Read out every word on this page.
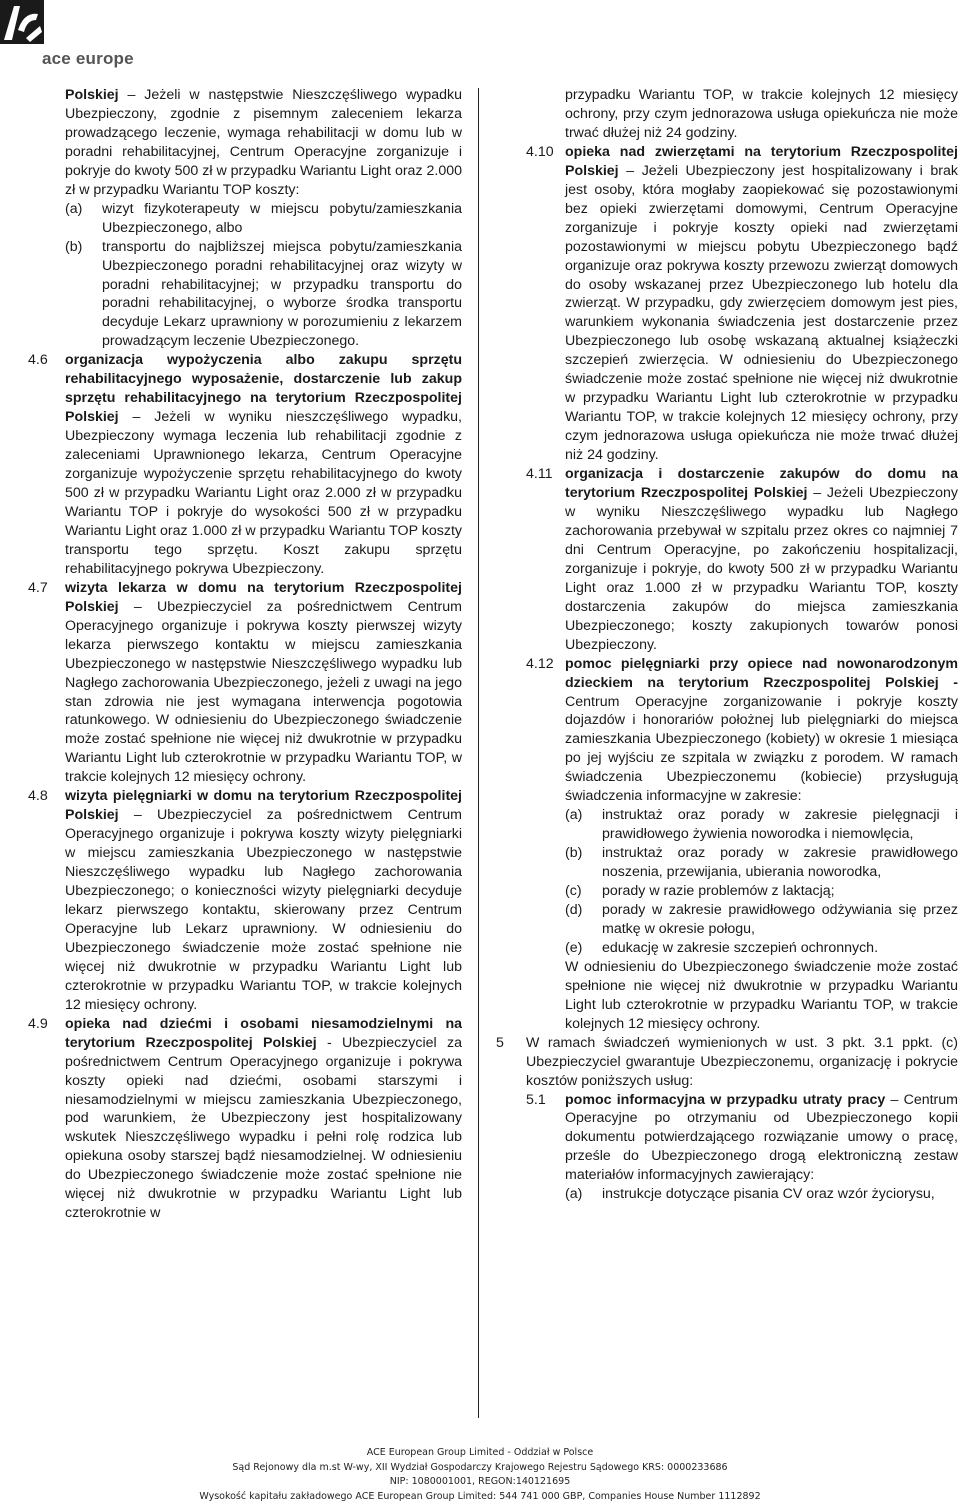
ace europe

Polskiej – Jeżeli w następstwie Nieszczęśliwego wypadku Ubezpieczony, zgodnie z pisemnym zaleceniem lekarza prowadzącego leczenie, wymaga rehabilitacji w domu lub w poradni rehabilitacyjnej, Centrum Operacyjne zorganizuje i pokryje do kwoty 500 zł w przypadku Wariantu Light oraz 2.000 zł w przypadku Wariantu TOP koszty:

(a) wizyt fizykoterapeuty w miejscu pobytu/zamieszkania Ubezpieczonego, albo
(b) transportu do najbliższej miejsca pobytu/zamieszkania Ubezpieczonego poradni rehabilitacyjnej oraz wizyty w poradni rehabilitacyjnej; w przypadku transportu do poradni rehabilitacyjnej, o wyborze środka transportu decyduje Lekarz uprawniony w porozumieniu z lekarzem prowadzącym leczenie Ubezpieczonego.
4.6 organizacja wypożyczenia albo zakupu sprzętu rehabilitacyjnego wyposażenie, dostarczenie lub zakup sprzętu rehabilitacyjnego na terytorium Rzeczpospolitej Polskiej – Jeżeli w wyniku nieszczęśliwego wypadku, Ubezpieczony wymaga leczenia lub rehabilitacji zgodnie z zaleceniami Uprawnionego lekarza, Centrum Operacyjne zorganizuje wypożyczenie sprzętu rehabilitacyjnego do kwoty 500 zł w przypadku Wariantu Light oraz 2.000 zł w przypadku Wariantu TOP i pokryje do wysokości 500 zł w przypadku Wariantu Light oraz 1.000 zł w przypadku Wariantu TOP koszty transportu tego sprzętu. Koszt zakupu sprzętu rehabilitacyjnego pokrywa Ubezpieczony.

4.7 wizyta lekarza w domu na terytorium Rzeczpospolitej Polskiej – Ubezpieczyciel za pośrednictwem Centrum Operacyjnego organizuje i pokrywa koszty pierwszej wizyty lekarza pierwszego kontaktu w miejscu zamieszkania Ubezpieczonego w następstwie Nieszczęśliwego wypadku lub Nagłego zachorowania Ubezpieczonego, jeżeli z uwagi na jego stan zdrowia nie jest wymagana interwencja pogotowia ratunkowego. W odniesieniu do Ubezpieczonego świadczenie może zostać spełnione nie więcej niż dwukrotnie w przypadku Wariantu Light lub czterokrotnie w przypadku Wariantu TOP, w trakcie kolejnych 12 miesięcy ochrony.

4.8 wizyta pielęgniarki w domu na terytorium Rzeczpospolitej Polskiej – Ubezpieczyciel za pośrednictwem Centrum Operacyjnego organizuje i pokrywa koszty wizyty pielęgniarki w miejscu zamieszkania Ubezpieczonego w następstwie Nieszczęśliwego wypadku lub Nagłego zachorowania Ubezpieczonego; o konieczności wizyty pielęgniarki decyduje lekarz pierwszego kontaktu, skierowany przez Centrum Operacyjne lub Lekarz uprawniony. W odniesieniu do Ubezpieczonego świadczenie może zostać spełnione nie więcej niż dwukrotnie w przypadku Wariantu Light lub czterokrotnie w przypadku Wariantu TOP, w trakcie kolejnych 12 miesięcy ochrony.

4.9 opieka nad dziećmi i osobami niesamodzielnymi na terytorium Rzeczpospolitej Polskiej - Ubezpieczyciel za pośrednictwem Centrum Operacyjnego organizuje i pokrywa koszty opieki nad dziećmi, osobami starszymi i niesamodzielnymi w miejscu zamieszkania Ubezpieczonego, pod warunkiem, że Ubezpieczony jest hospitalizowany wskutek Nieszczęśliwego wypadku i pełni rolę rodzica lub opiekuna osoby starszej bądź niesamodzielnej. W odniesieniu do Ubezpieczonego świadczenie może zostać spełnione nie więcej niż dwukrotnie w przypadku Wariantu Light lub czterokrotnie w

przypadku Wariantu TOP, w trakcie kolejnych 12 miesięcy ochrony, przy czym jednorazowa usługa opiekuńcza nie może trwać dłużej niż 24 godziny.

4.10 opieka nad zwierzętami na terytorium Rzeczpospolitej Polskiej – Jeżeli Ubezpieczony jest hospitalizowany i brak jest osoby, która mogłaby zaopiekować się pozostawionymi bez opieki zwierzętami domowymi, Centrum Operacyjne zorganizuje i pokryje koszty opieki nad zwierzętami pozostawionymi w miejscu pobytu Ubezpieczonego bądź organizuje oraz pokrywa koszty przewozu zwierząt domowych do osoby wskazanej przez Ubezpieczonego lub hotelu dla zwierząt. W przypadku, gdy zwierzęciem domowym jest pies, warunkiem wykonania świadczenia jest dostarczenie przez Ubezpieczonego lub osobę wskazaną aktualnej książeczki szczepień zwierzęcia. W odniesieniu do Ubezpieczonego świadczenie może zostać spełnione nie więcej niż dwukrotnie w przypadku Wariantu Light lub czterokrotnie w przypadku Wariantu TOP, w trakcie kolejnych 12 miesięcy ochrony, przy czym jednorazowa usługa opiekuńcza nie może trwać dłużej niż 24 godziny.

4.11 organizacja i dostarczenie zakupów do domu na terytorium Rzeczpospolitej Polskiej – Jeżeli Ubezpieczony w wyniku Nieszczęśliwego wypadku lub Nagłego zachorowania przebywał w szpitalu przez okres co najmniej 7 dni Centrum Operacyjne, po zakończeniu hospitalizacji, zorganizuje i pokryje, do kwoty 500 zł w przypadku Wariantu Light oraz 1.000 zł w przypadku Wariantu TOP, koszty dostarczenia zakupów do miejsca zamieszkania Ubezpieczonego; koszty zakupionych towarów ponosi Ubezpieczony.

4.12 pomoc pielęgniarki przy opiece nad nowonarodzonym dzieckiem na terytorium Rzeczpospolitej Polskiej - Centrum Operacyjne zorganizowanie i pokryje koszty dojazdów i honorariów położnej lub pielęgniarki do miejsca zamieszkania Ubezpieczonego (kobiety) w okresie 1 miesiąca po jej wyjściu ze szpitala w związku z porodem. W ramach świadczenia Ubezpieczonemu (kobiecie) przysługują świadczenia informacyjne w zakresie:

(a) instruktaż oraz porady w zakresie pielęgnacji i prawidłowego żywienia noworodka i niemowlęcia,
(b) instruktaż oraz porady w zakresie prawidłowego noszenia, przewijania, ubierania noworodka,
(c) porady w razie problemów z laktacją;
(d) porady w zakresie prawidłowego odżywiania się przez matkę w okresie połogu,
(e) edukację w zakresie szczepień ochronnych.

W odniesieniu do Ubezpieczonego świadczenie może zostać spełnione nie więcej niż dwukrotnie w przypadku Wariantu Light lub czterokrotnie w przypadku Wariantu TOP, w trakcie kolejnych 12 miesięcy ochrony.

5 W ramach świadczeń wymienionych w ust. 3 pkt. 3.1 ppkt. (c) Ubezpieczyciel gwarantuje Ubezpieczonemu, organizację i pokrycie kosztów poniższych usług:

5.1 pomoc informacyjna w przypadku utraty pracy – Centrum Operacyjne po otrzymaniu od Ubezpieczonego kopii dokumentu potwierdzającego rozwiązanie umowy o pracę, prześle do Ubezpieczonego drogą elektroniczną zestaw materiałów informacyjnych zawierający:

(a) instrukcje dotyczące pisania CV oraz wzór życiorysu,
ACE European Group Limited - Oddział w Polsce
Sąd Rejonowy dla m.st W-wy, XII Wydział Gospodarczy Krajowego Rejestru Sądowego KRS: 0000233686
NIP: 1080001001, REGON:140121695
Wysokość kapitału zakładowego ACE European Group Limited: 544 741 000 GBP, Companies House Number 1112892
